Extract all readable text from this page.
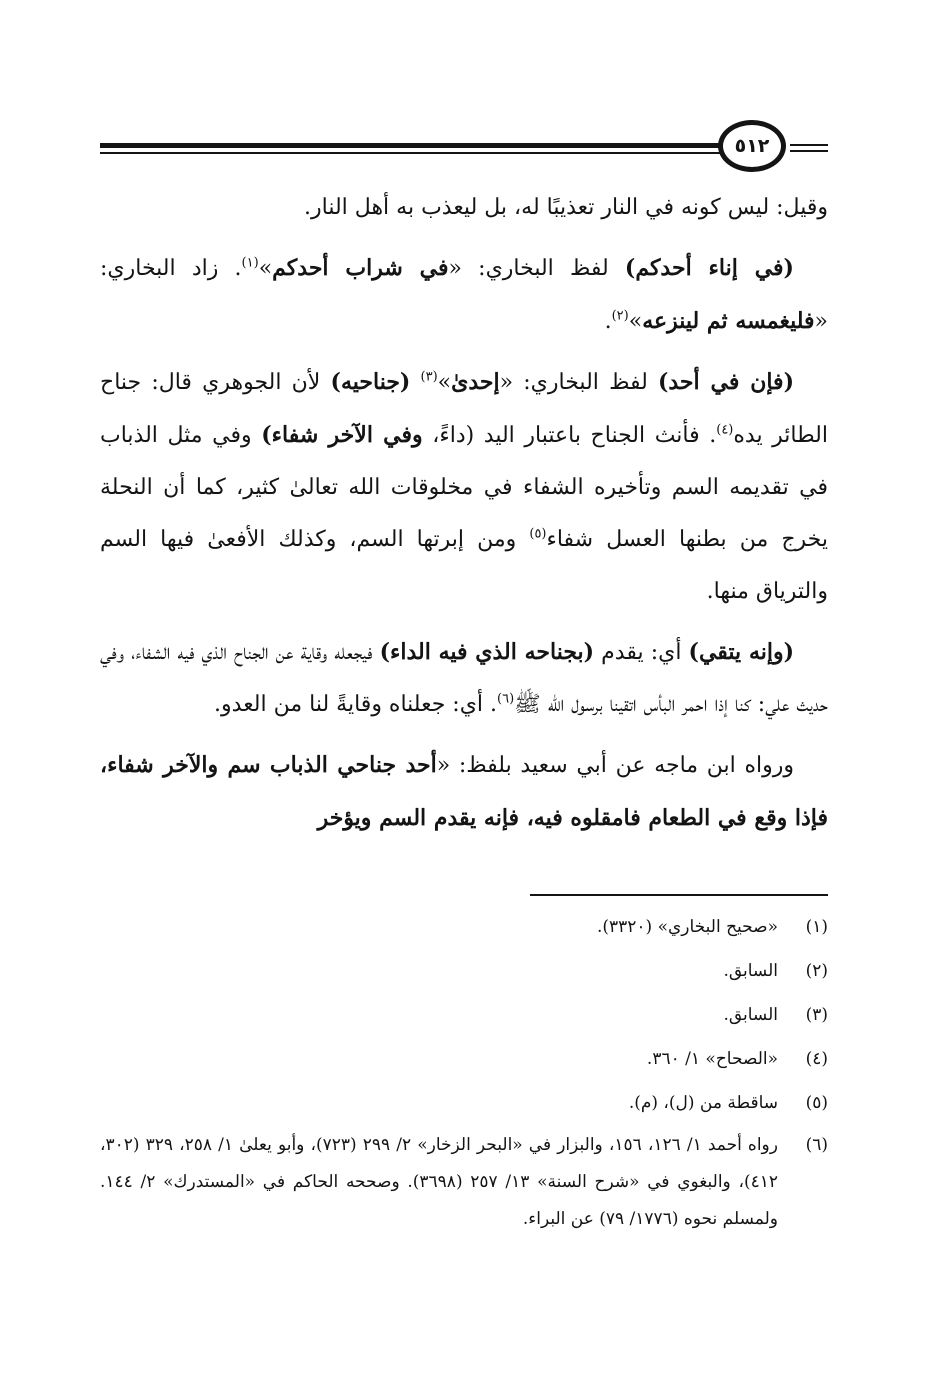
٥١٢

وقيل: ليس كونه في النار تعذيبًا له، بل ليعذب به أهل النار.

(في إناء أحدكم) لفظ البخاري: «في شراب أحدكم»$^{(١)}$. زاد البخاري: «فليغمسه ثم لينزعه»$^{(٢)}$.

(فإن في أحد) لفظ البخاري: «إحدىٰ»$^{(٣)}$ (جناحيه) لأن الجوهري قال: جناح الطائر يده$^{(٤)}$. فأنث الجناح باعتبار اليد (داءً، وفي الآخر شفاء) وفي مثل الذباب في تقديمه السم وتأخيره الشفاء في مخلوقات الله تعالىٰ كثير، كما أن النحلة يخرج من بطنها العسل شفاء$^{(٥)}$ ومن إبرتها السم، وكذلك الأفعىٰ فيها السم والترياق منها.

(وإنه يتقي) أي: يقدم (بجناحه الذي فيه الداء) فيجعله وقاية عن الجناح الذي فيه الشفاء، وفي حديث علي: كنا إذا احمر البأس اتقينا برسول الله ﷺ$^{(٦)}$. أي: جعلناه وقايةً لنا من العدو.

ورواه ابن ماجه عن أبي سعيد بلفظ: «أحد جناحي الذباب سم والآخر شفاء، فإذا وقع في الطعام فامقلوه فيه، فإنه يقدم السم ويؤخر

(١)
«صحيح البخاري» (٣٣٢٠).
(٢)
السابق.
(٣)
السابق.
(٤)
«الصحاح» ١/ ٣٦٠.
(٥)
ساقطة من (ل)، (م).
(٦)
رواه أحمد ١/ ١٢٦، ١٥٦، والبزار في «البحر الزخار» ٢/ ٢٩٩ (٧٢٣)، وأبو يعلىٰ ١/ ٢٥٨، ٣٢٩ (٣٠٢، ٤١٢)، والبغوي في «شرح السنة» ١٣/ ٢٥٧ (٣٦٩٨). وصححه الحاكم في «المستدرك» ٢/ ١٤٤. ولمسلم نحوه (١٧٧٦/ ٧٩) عن البراء.
